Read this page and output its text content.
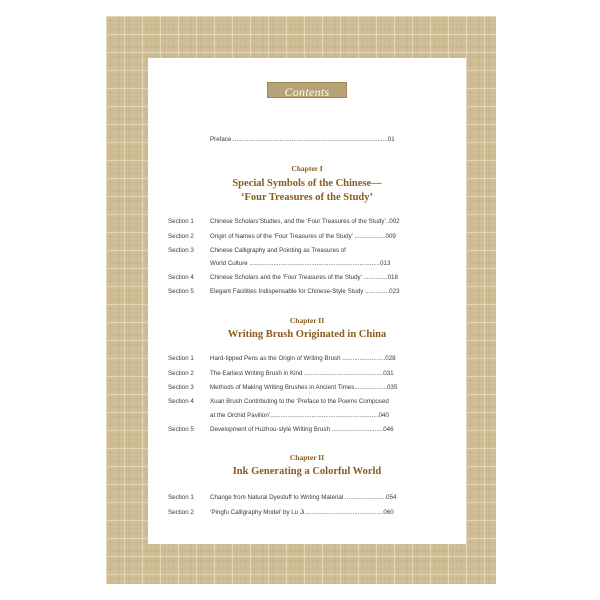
Contents
Preface...........................................................................................01
Chapter I
Special Symbols of the Chinese—
‘Four Treasures of the Study’
Section 1	Chinese Scholars’Studies, and the ‘Four Treasures of the Study’..002
Section 2	Origin of Names of the ‘Four Treasures of the Study’ ..................009
Section 3	Chinese Calligraphy and Pointing as Treasures of
World Culture ............................................................................013
Section 4	Chinese Scholars and the ‘Four Treasures of the Study’ ..............018
Section 5	Elegant Facilities Indispensable for Chinese-Style Study ..............023
Chapter II
Writing Brush Originated in China
Section 1	Hard-tipped Pens as the Origin of Writing Brush .........................028
Section 2	The Earliest Writing Brush in Kind ..............................................031
Section 3	Methods of Making Writing Brushes in Ancient Times...................035
Section 4	Xuan Brush Contributing to the ‘Preface to the Poems Composed
at the Orchid Pavilion’...............................................................040
Section 5	Development of Huzhou-style Writing Brush ..............................046
Chapter II
Ink Generating a Colorful World
Section 1	Change from Natural Dyestuff to Writing Material ........................054
Section 2	‘Pingfu Calligraphy Model’ by Lu Ji..............................................060
